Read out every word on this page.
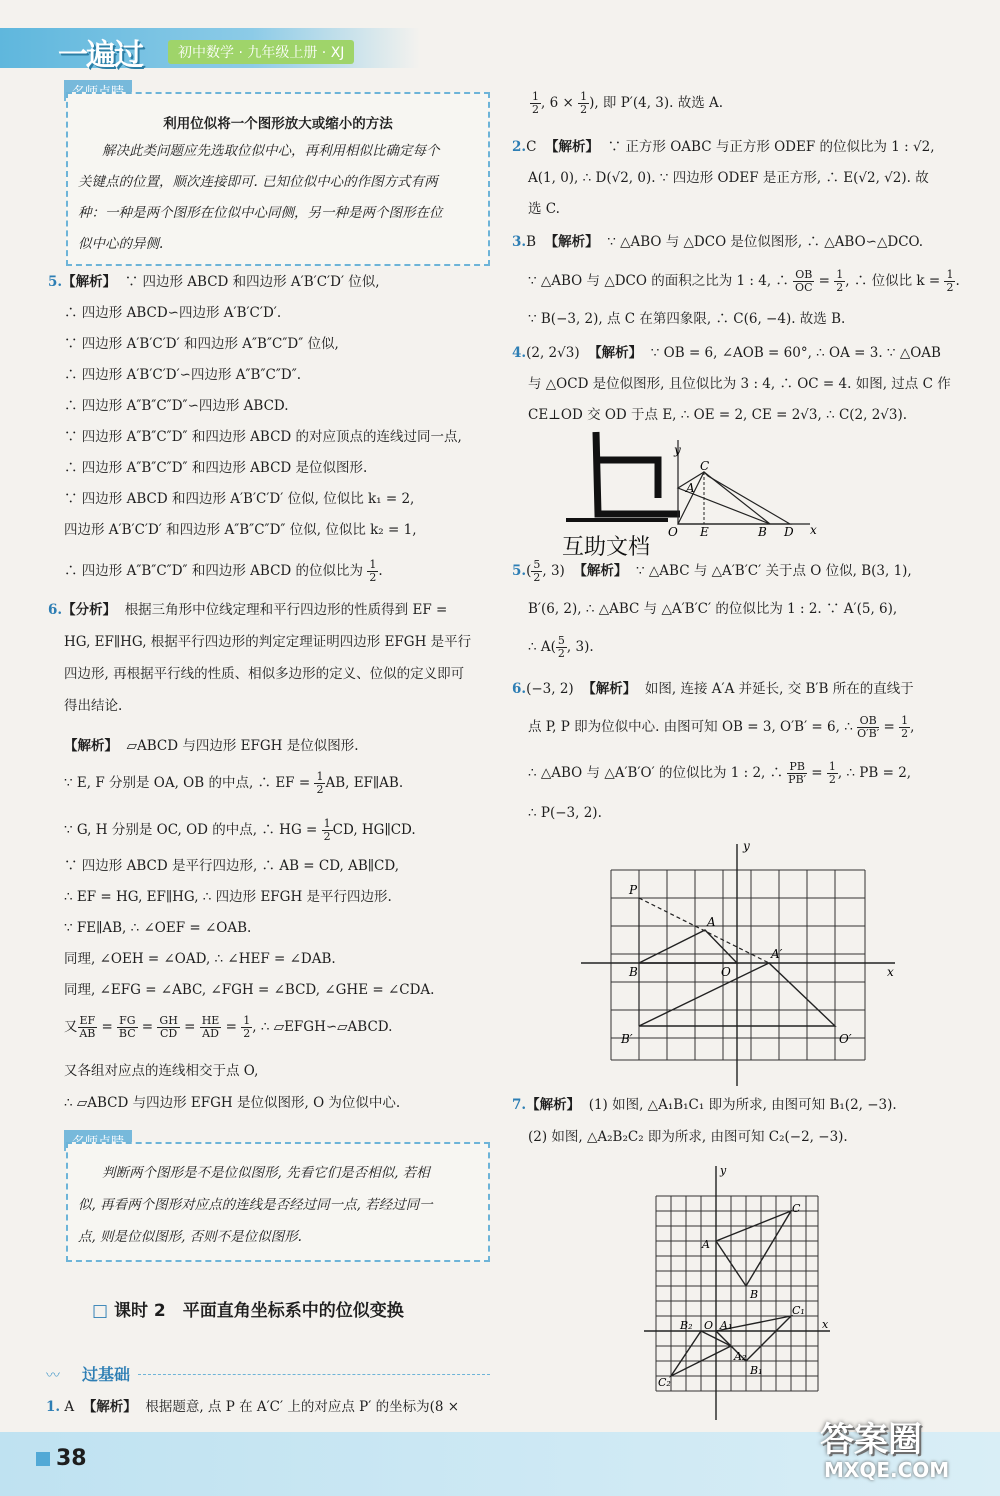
一遍过	初中数学 · 九年级上册 · XJ
利用位似将一个图形放大或缩小的方法
解决此类问题应先选取位似中心，再利用相似比确定每个
关键点的位置，顺次连接即可. 已知位似中心的作图方式有两
种：一种是两个图形在位似中心同侧，另一种是两个图形在位
似中心的异侧.
5.【解析】 ∵ 四边形 ABCD 和四边形 A′B′C′D′ 位似,
∴ 四边形 ABCD∽四边形 A′B′C′D′.
∵ 四边形 A′B′C′D′ 和四边形 A″B″C″D″ 位似,
∴ 四边形 A′B′C′D′∽四边形 A″B″C″D″.
∴ 四边形 A″B″C″D″∽四边形 ABCD.
∵ 四边形 A″B″C″D″ 和四边形 ABCD 的对应顶点的连线过同一点,
∴ 四边形 A″B″C″D″ 和四边形 ABCD 是位似图形.
∵ 四边形 ABCD 和四边形 A′B′C′D′ 位似, 位似比 k₁ = 2,
四边形 A′B′C′D′ 和四边形 A″B″C″D″ 位似, 位似比 k₂ = 1,
∴ 四边形 A″B″C″D″ 和四边形 ABCD 的位似比为 $\frac{1}{2}$ .
6.【分析】 根据三角形中位线定理和平行四边形的性质得到 EF =
HG, EF∥HG, 根据平行四边形的判定定理证明四边形 EFGH 是平行
四边形, 再根据平行线的性质、相似多边形的定义、位似的定义即可
得出结论.
【解析】 ▱ABCD 与四边形 EFGH 是位似图形.
∵ E, F 分别是 OA, OB 的中点, ∴ EF = $\frac{1}{2}$ AB, EF∥AB.
∵ G, H 分别是 OC, OD 的中点, ∴ HG = $\frac{1}{2}$ CD, HG∥CD.
∵ 四边形 ABCD 是平行四边形, ∴ AB = CD, AB∥CD,
∴ EF = HG, EF∥HG, ∴ 四边形 EFGH 是平行四边形.
∵ FE∥AB, ∴ ∠OEF = ∠OAB.
同理, ∠OEH = ∠OAD, ∴ ∠HEF = ∠DAB.
同理, ∠EFG = ∠ABC, ∠FGH = ∠BCD, ∠GHE = ∠CDA.
又 $\frac{EF}{AB} = \frac{FG}{BC} = \frac{GH}{CD} = \frac{HE}{AD} = \frac{1}{2}$ , ∴ ▱EFGH∽▱ABCD.
又各组对应点的连线相交于点 O,
∴ ▱ABCD 与四边形 EFGH 是位似图形, O 为位似中心.
判断两个图形是不是位似图形, 先看它们是否相似, 若相
似, 再看两个图形对应点的连线是否经过同一点, 若经过同一
点, 则是位似图形, 否则不是位似图形.
□ 课时 2　平面直角坐标系中的位似变换
〰 过基础
1. A 【解析】 根据题意, 点 P 在 A′C′ 上的对应点 P′ 的坐标为(8 ×
$\frac{1}{2}$ , $6 \times \frac{1}{2}$ ), 即 P′(4, 3). 故选 A.
2.C 【解析】 ∵ 正方形 OABC 与正方形 ODEF 的位似比为 1 : √2,
A(1, 0), ∴ D(√2, 0). ∵ 四边形 ODEF 是正方形, ∴ E(√2, √2). 故
选 C.
3.B 【解析】 ∵ △ABO 与 △DCO 是位似图形, ∴ △ABO∽△DCO.
∵ △ABO 与 △DCO 的面积之比为 1 : 4, ∴ $\frac{OB}{OC} = \frac{1}{2}$ , ∴ 位似比 $k = \frac{1}{2}$ .
∵ B(−3, 2), 点 C 在第四象限, ∴ C(6, −4). 故选 B.
4.(2, 2√3) 【解析】 ∵ OB = 6, ∠AOB = 60°, ∴ OA = 3. ∵ △OAB
与 △OCD 是位似图形, 且位似比为 3 : 4, ∴ OC = 4. 如图, 过点 C 作
CE⊥OD 交 OD 于点 E, ∴ OE = 2, CE = 2√3, ∴ C(2, 2√3).
y
C
A
O E	B D x
互助文档
$5.( \frac{5}{2}$ , 3) 【解析】 ∵ △ABC 与 △A′B′C′ 关于点 O 位似, B(3, 1),
B′(6, 2), ∴ △ABC 与 △A′B′C′ 的位似比为 1 : 2. ∵ A′(5, 6),
∴ $A( \frac{5}{2}$ , 3).
6.(−3, 2) 【解析】 如图, 连接 A′A 并延长, 交 B′B 所在的直线于
点 P, P 即为位似中心. 由图可知 OB = 3, O′B′ = 6, ∴ $\frac{OB}{O'B'} = \frac{1}{2}$ ,
∴ △ABO 与 △A′B′O′ 的位似比为 1 : 2, ∴ $\frac{PB}{PB'} = \frac{1}{2}$ , ∴ PB = 2,
∴ P(−3, 2).
y
x
P
A
A′
B	O
B′	O′
7.【解析】 (1) 如图, △A₁B₁C₁ 即为所求, 由图可知 B₁(2, −3).
(2) 如图, △A₂B₂C₂ 即为所求, 由图可知 C₂(−2, −3).
y
x
C
A
B
C₁
B₂ O A₁
A₂
C₂
B₁
38	答案圈
MXQE.COM
